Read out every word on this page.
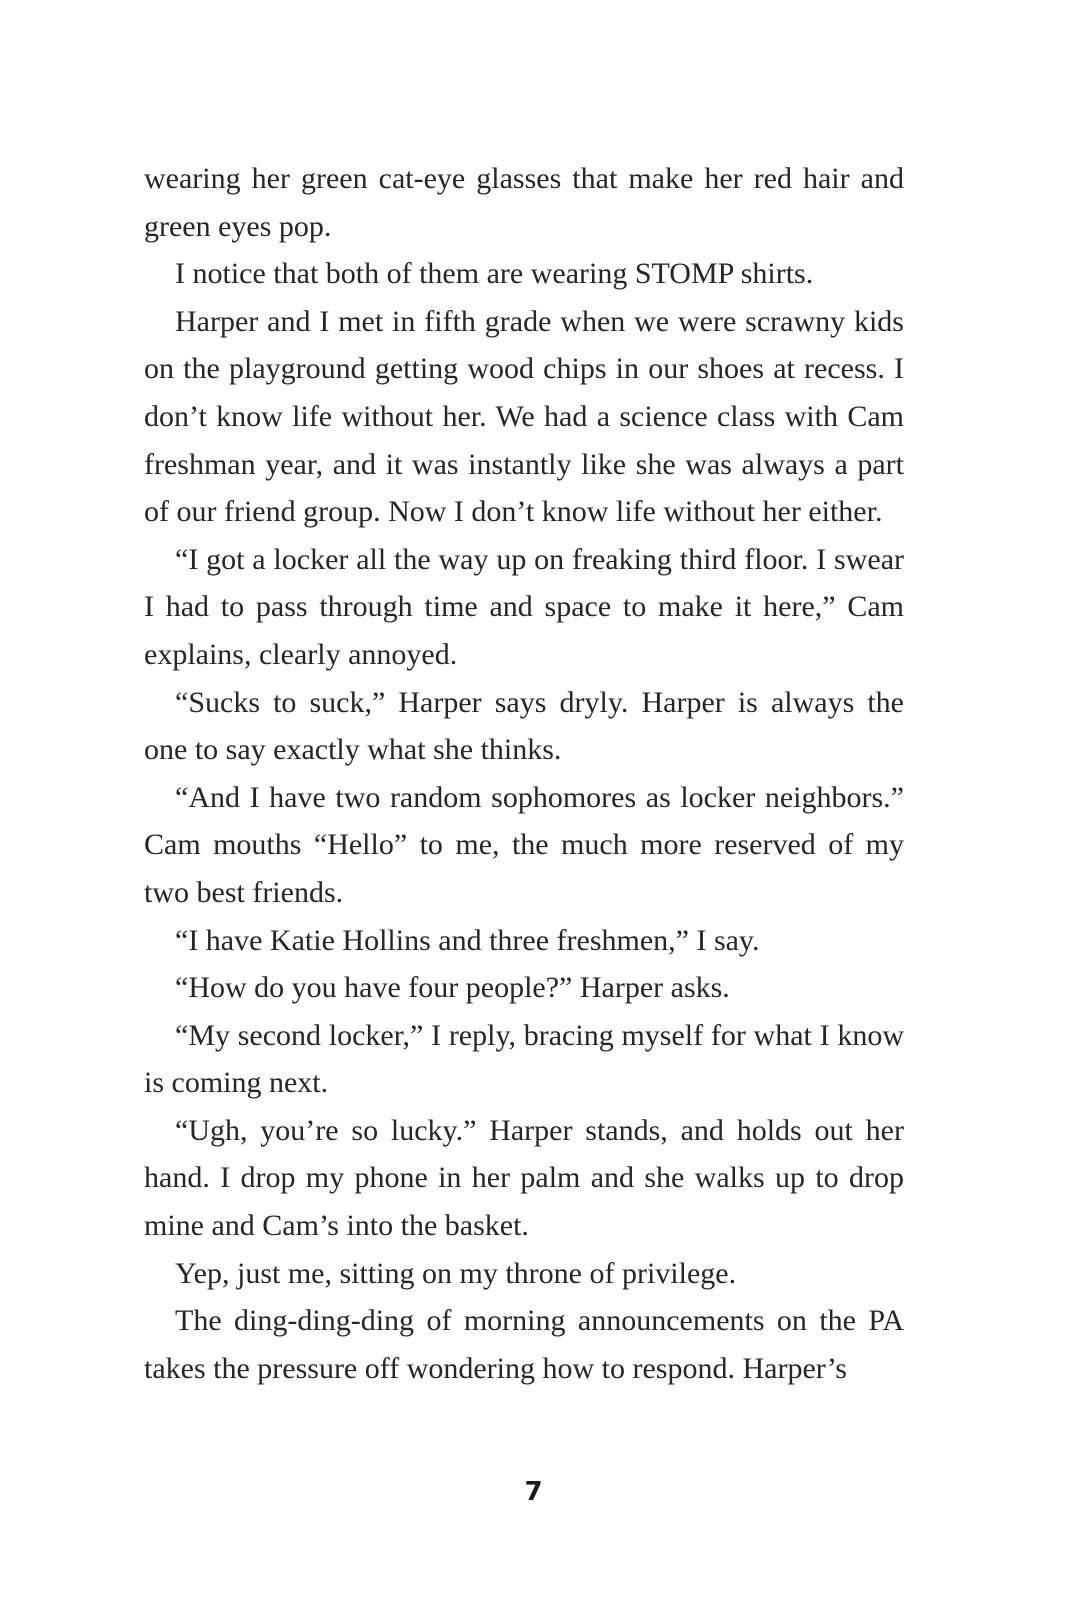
wearing her green cat-eye glasses that make her red hair and green eyes pop.

I notice that both of them are wearing STOMP shirts.

Harper and I met in fifth grade when we were scrawny kids on the playground getting wood chips in our shoes at recess. I don’t know life without her. We had a science class with Cam freshman year, and it was instantly like she was always a part of our friend group. Now I don’t know life without her either.

“I got a locker all the way up on freaking third floor. I swear I had to pass through time and space to make it here,” Cam explains, clearly annoyed.

“Sucks to suck,” Harper says dryly. Harper is always the one to say exactly what she thinks.

“And I have two random sophomores as locker neighbors.” Cam mouths “Hello” to me, the much more reserved of my two best friends.

“I have Katie Hollins and three freshmen,” I say.

“How do you have four people?” Harper asks.

“My second locker,” I reply, bracing myself for what I know is coming next.

“Ugh, you’re so lucky.” Harper stands, and holds out her hand. I drop my phone in her palm and she walks up to drop mine and Cam’s into the basket.

Yep, just me, sitting on my throne of privilege.

The ding-ding-ding of morning announcements on the PA takes the pressure off wondering how to respond. Harper’s

7
